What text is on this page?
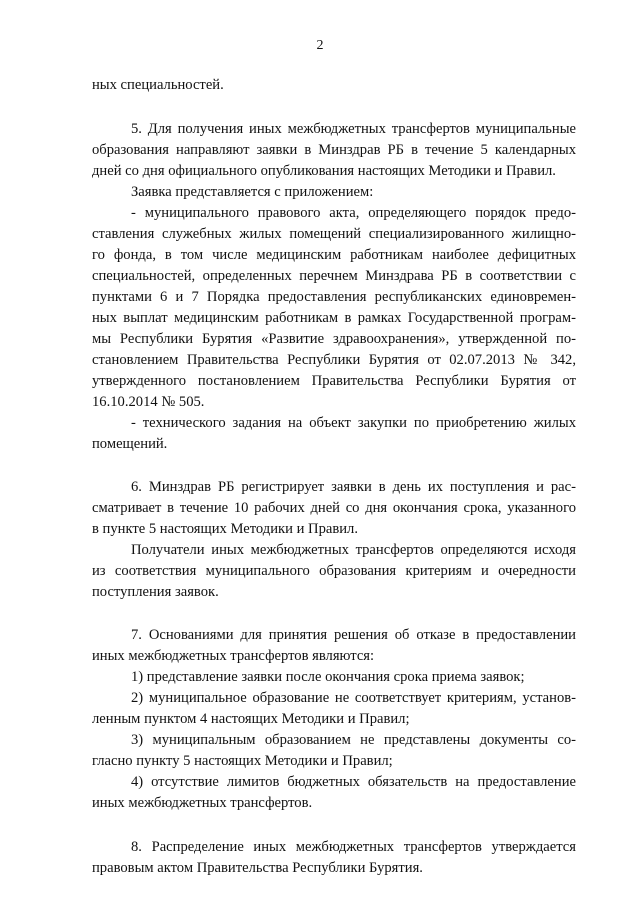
2
ных специальностей.
5. Для получения иных межбюджетных трансфертов муниципальные
образования направляют заявки в Минздрав РБ в течение 5 календарных
дней со дня официального опубликования настоящих Методики и Правил.
Заявка представляется с приложением:
- муниципального правового акта, определяющего порядок предо-
ставления служебных жилых помещений специализированного жилищно-
го фонда, в том числе медицинским работникам наиболее дефицитных
специальностей, определенных перечнем Минздрава РБ в соответствии с
пунктами 6 и 7 Порядка предоставления республиканских единовремен-
ных выплат медицинским работникам в рамках Государственной програм-
мы Республики Бурятия «Развитие здравоохранения», утвержденной по-
становлением Правительства Республики Бурятия от 02.07.2013 № 342,
утвержденного постановлением Правительства Республики Бурятия от
16.10.2014 № 505.
- технического задания на объект закупки по приобретению жилых
помещений.
6. Минздрав РБ регистрирует заявки в день их поступления и рас-
сматривает в течение 10 рабочих дней со дня окончания срока, указанного
в пункте 5 настоящих Методики и Правил.
Получатели иных межбюджетных трансфертов определяются исходя
из соответствия муниципального образования критериям и очередности
поступления заявок.
7. Основаниями для принятия решения об отказе в предоставлении
иных межбюджетных трансфертов являются:
1) представление заявки после окончания срока приема заявок;
2) муниципальное образование не соответствует критериям, установ-
ленным пунктом 4 настоящих Методики и Правил;
3) муниципальным образованием не представлены документы со-
гласно пункту 5 настоящих Методики и Правил;
4) отсутствие лимитов бюджетных обязательств на предоставление
иных межбюджетных трансфертов.
8. Распределение иных межбюджетных трансфертов утверждается
правовым актом Правительства Республики Бурятия.
